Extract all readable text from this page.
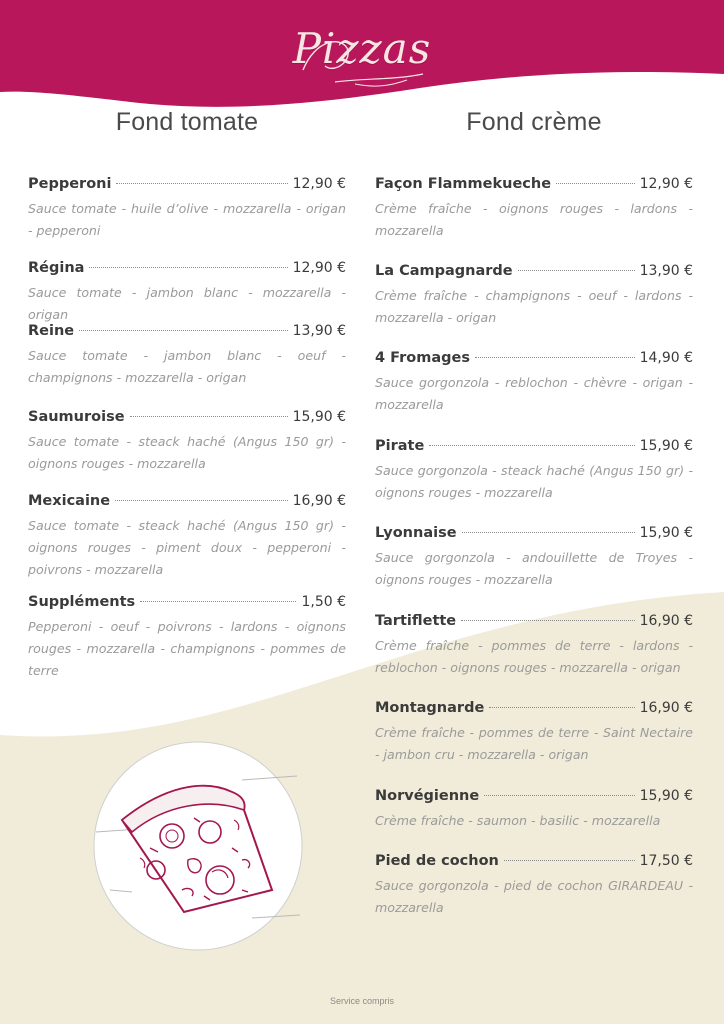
Pizzas
Fond tomate
Pepperoni	12,90 €
Sauce tomate - huile d’olive - mozzarella - origan - pepperoni
Régina	12,90 €
Sauce tomate - jambon blanc - mozzarella - origan
Reine	13,90 €
Sauce tomate - jambon blanc - oeuf - champignons - mozzarella - origan
Saumuroise	15,90 €
Sauce tomate - steack haché (Angus 150 gr) - oignons rouges - mozzarella
Mexicaine	16,90 €
Sauce tomate - steack haché (Angus 150 gr) - oignons rouges - piment doux - pepperoni - poivrons - mozzarella
Suppléments	1,50 €
Pepperoni - oeuf - poivrons - lardons - oignons rouges - mozzarella - champignons - pommes de terre
Fond crème
Façon Flammekueche	12,90 €
Crème fraîche - oignons rouges - lardons - mozzarella
La Campagnarde	13,90 €
Crème fraîche - champignons - oeuf - lardons - mozzarella - origan
4 Fromages	14,90 €
Sauce gorgonzola - reblochon - chèvre - origan - mozzarella
Pirate	15,90 €
Sauce gorgonzola - steack haché (Angus 150 gr) - oignons rouges - mozzarella
Lyonnaise	15,90 €
Sauce gorgonzola - andouillette de Troyes - oignons rouges - mozzarella
Tartiflette	16,90 €
Crème fraîche - pommes de terre - lardons - reblochon - oignons rouges - mozzarella - origan
Montagnarde	16,90 €
Crème fraîche - pommes de terre - Saint Nectaire - jambon cru - mozzarella - origan
Norvégienne	15,90 €
Crème fraîche - saumon - basilic - mozzarella
Pied de cochon	17,50 €
Sauce gorgonzola - pied de cochon GIRARDEAU - mozzarella
Service compris
